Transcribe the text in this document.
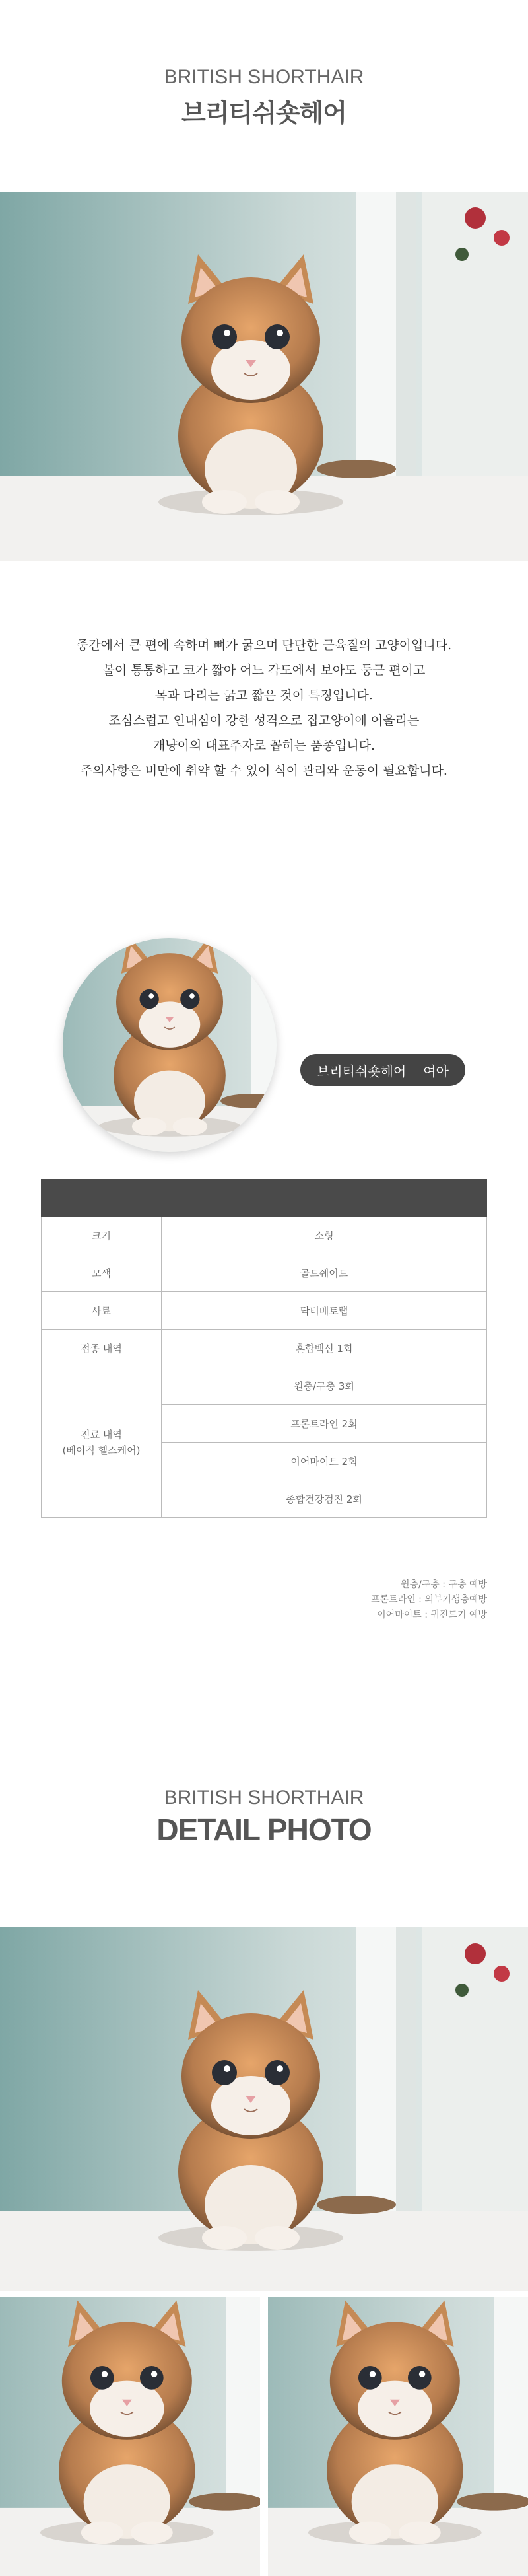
BRITISH SHORTHAIR
브리티쉬숏헤어
중간에서 큰 편에 속하며 뼈가 굵으며 단단한 근육질의 고양이입니다.
볼이 통통하고 코가 짧아 어느 각도에서 보아도 둥근 편이고
목과 다리는 굵고 짧은 것이 특징입니다.
조심스럽고 인내심이 강한 성격으로 집고양이에 어울리는
개냥이의 대표주자로 꼽히는 품종입니다.
주의사항은 비만에 취약 할 수 있어 식이 관리와 운동이 필요합니다.
브리티쉬숏헤어 여아

크기	소형
모색	골드쉐이드
사료	닥터배토랩
접종 내역	혼합백신 1회

진료 내역
(베이직 헬스케어)	원충/구충 3회
	프론트라인 2회
	이어마이트 2회
	종합건강검진 2회
원충/구충 : 구충 예방
프론트라인 : 외부기생충예방
이어마이트 : 귀진드기 예방
BRITISH SHORTHAIR
DETAIL PHOTO
